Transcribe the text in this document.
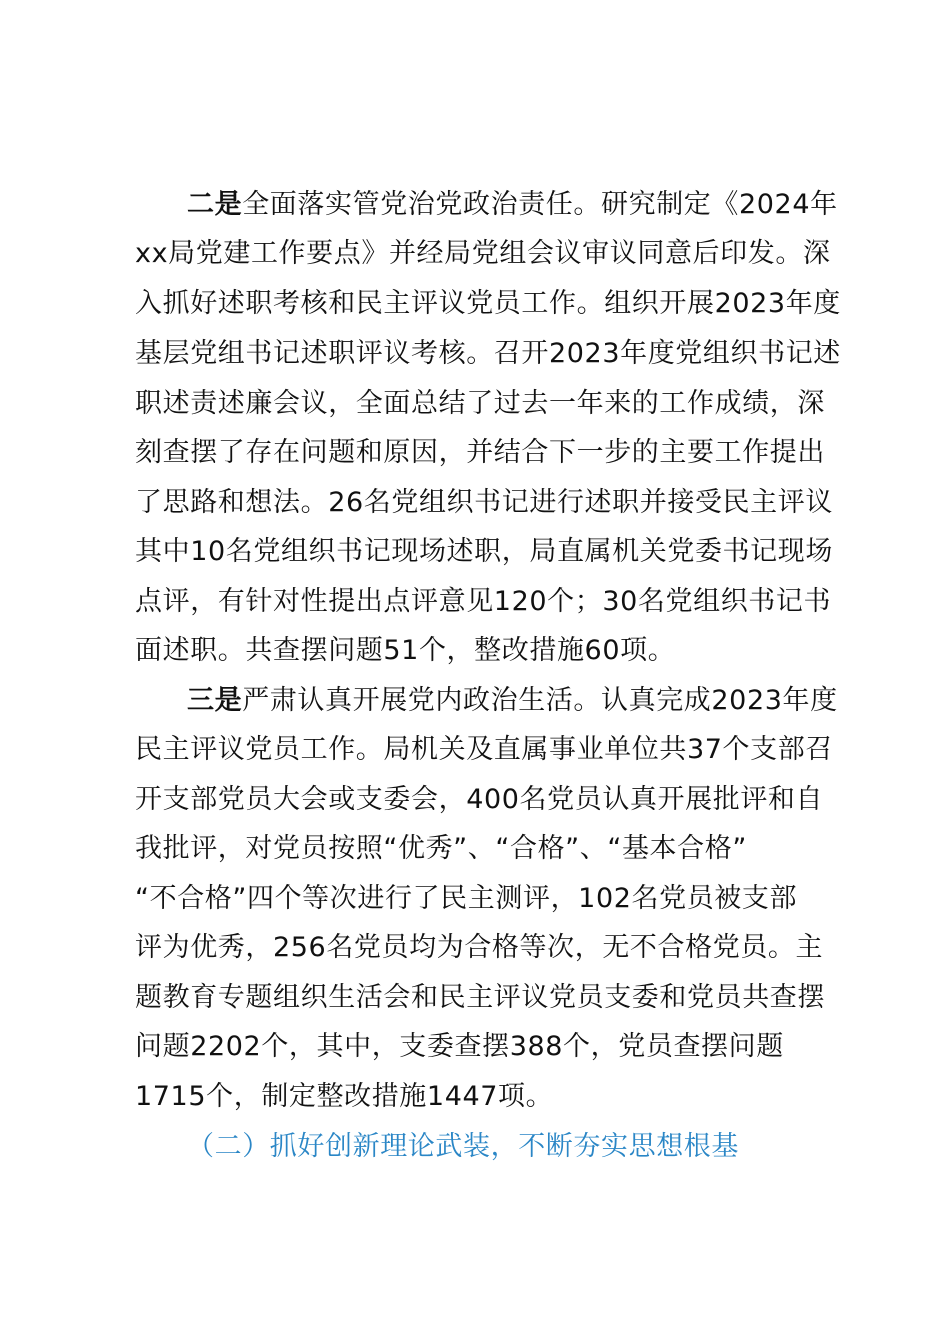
二是全面落实管党治党政治责任。研究制定《2024年
xx局党建工作要点》并经局党组会议审议同意后印发。深
入抓好述职考核和民主评议党员工作。组织开展2023年度
基层党组书记述职评议考核。召开2023年度党组织书记述
职述责述廉会议，全面总结了过去一年来的工作成绩，深
刻查摆了存在问题和原因，并结合下一步的主要工作提出
了思路和想法。26名党组织书记进行述职并接受民主评议
其中10名党组织书记现场述职，局直属机关党委书记现场
点评，有针对性提出点评意见120个；30名党组织书记书
面述职。共查摆问题51个，整改措施60项。
三是严肃认真开展党内政治生活。认真完成2023年度
民主评议党员工作。局机关及直属事业单位共37个支部召
开支部党员大会或支委会，400名党员认真开展批评和自
我批评，对党员按照“优秀”、“合格”、“基本合格”
“不合格”四个等次进行了民主测评，102名党员被支部
评为优秀，256名党员均为合格等次，无不合格党员。主
题教育专题组织生活会和民主评议党员支委和党员共查摆
问题2202个，其中，支委查摆388个，党员查摆问题
1715个，制定整改措施1447项。
（二）抓好创新理论武装，不断夯实思想根基
